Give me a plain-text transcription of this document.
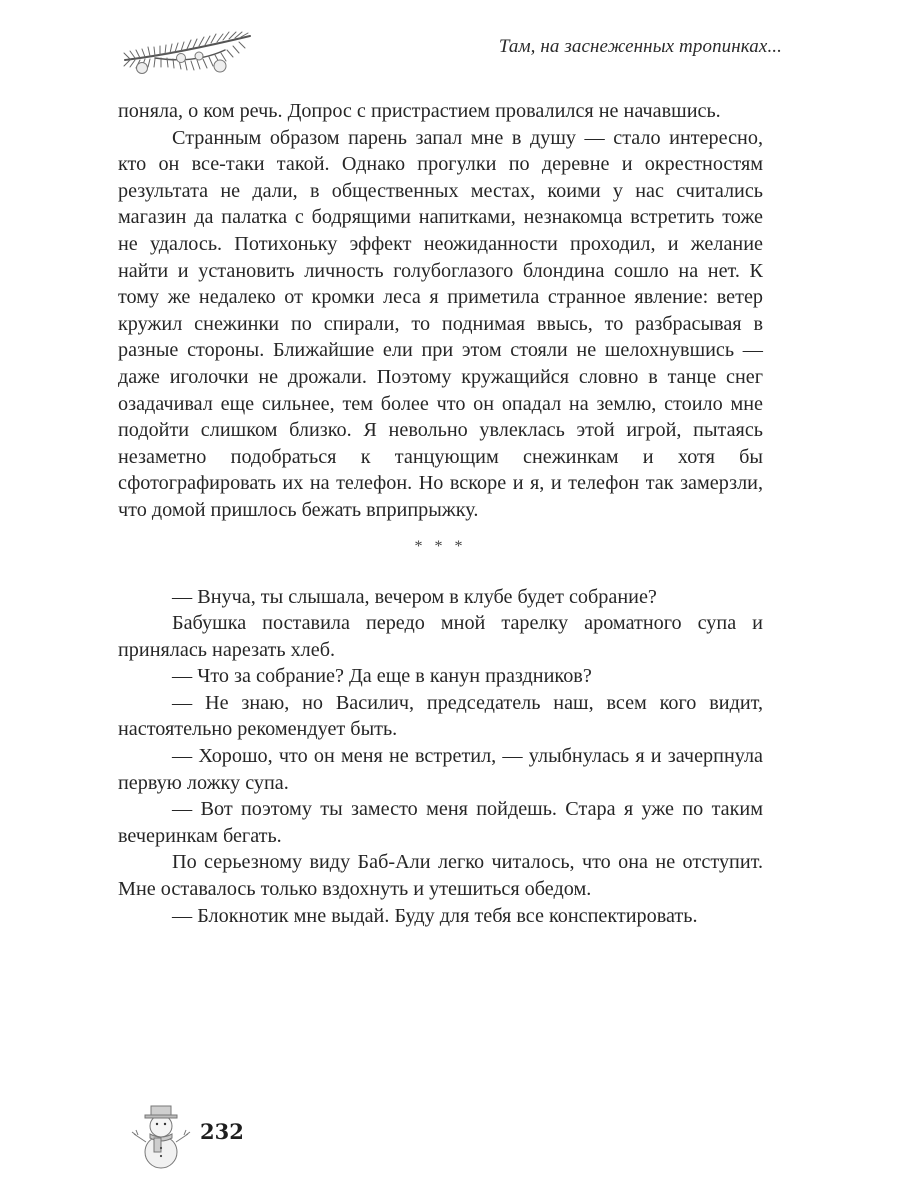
Там, на заснеженных тропинках...

поняла, о ком речь. Допрос с пристрастием провалился не начавшись.

Странным образом парень запал мне в душу — стало интересно, кто он все-таки такой. Однако прогулки по деревне и окрестностям результата не дали, в общественных местах, коими у нас считались магазин да палатка с бодрящими напитками, незнакомца встретить тоже не удалось. Потихоньку эффект неожиданности проходил, и желание найти и установить личность голубоглазого блондина сошло на нет. К тому же недалеко от кромки леса я приметила странное явление: ветер кружил снежинки по спирали, то поднимая ввысь, то разбрасывая в разные стороны. Ближайшие ели при этом стояли не шелохнувшись — даже иголочки не дрожали. Поэтому кружащийся словно в танце снег озадачивал еще сильнее, тем более что он опадал на землю, стоило мне подойти слишком близко. Я невольно увлеклась этой игрой, пытаясь незаметно подобраться к танцующим снежинкам и хотя бы сфотографировать их на телефон. Но вскоре и я, и телефон так замерзли, что домой пришлось бежать вприпрыжку.

* * *

— Внуча, ты слышала, вечером в клубе будет собрание?

Бабушка поставила передо мной тарелку ароматного супа и принялась нарезать хлеб.

— Что за собрание? Да еще в канун праздников?

— Не знаю, но Василич, председатель наш, всем кого видит, настоятельно рекомендует быть.

— Хорошо, что он меня не встретил, — улыбнулась я и зачерпнула первую ложку супа.

— Вот поэтому ты заместо меня пойдешь. Стара я уже по таким вечеринкам бегать.

По серьезному виду Баб-Али легко читалось, что она не отступит. Мне оставалось только вздохнуть и утешиться обедом.

— Блокнотик мне выдай. Буду для тебя все конспектировать.

232
